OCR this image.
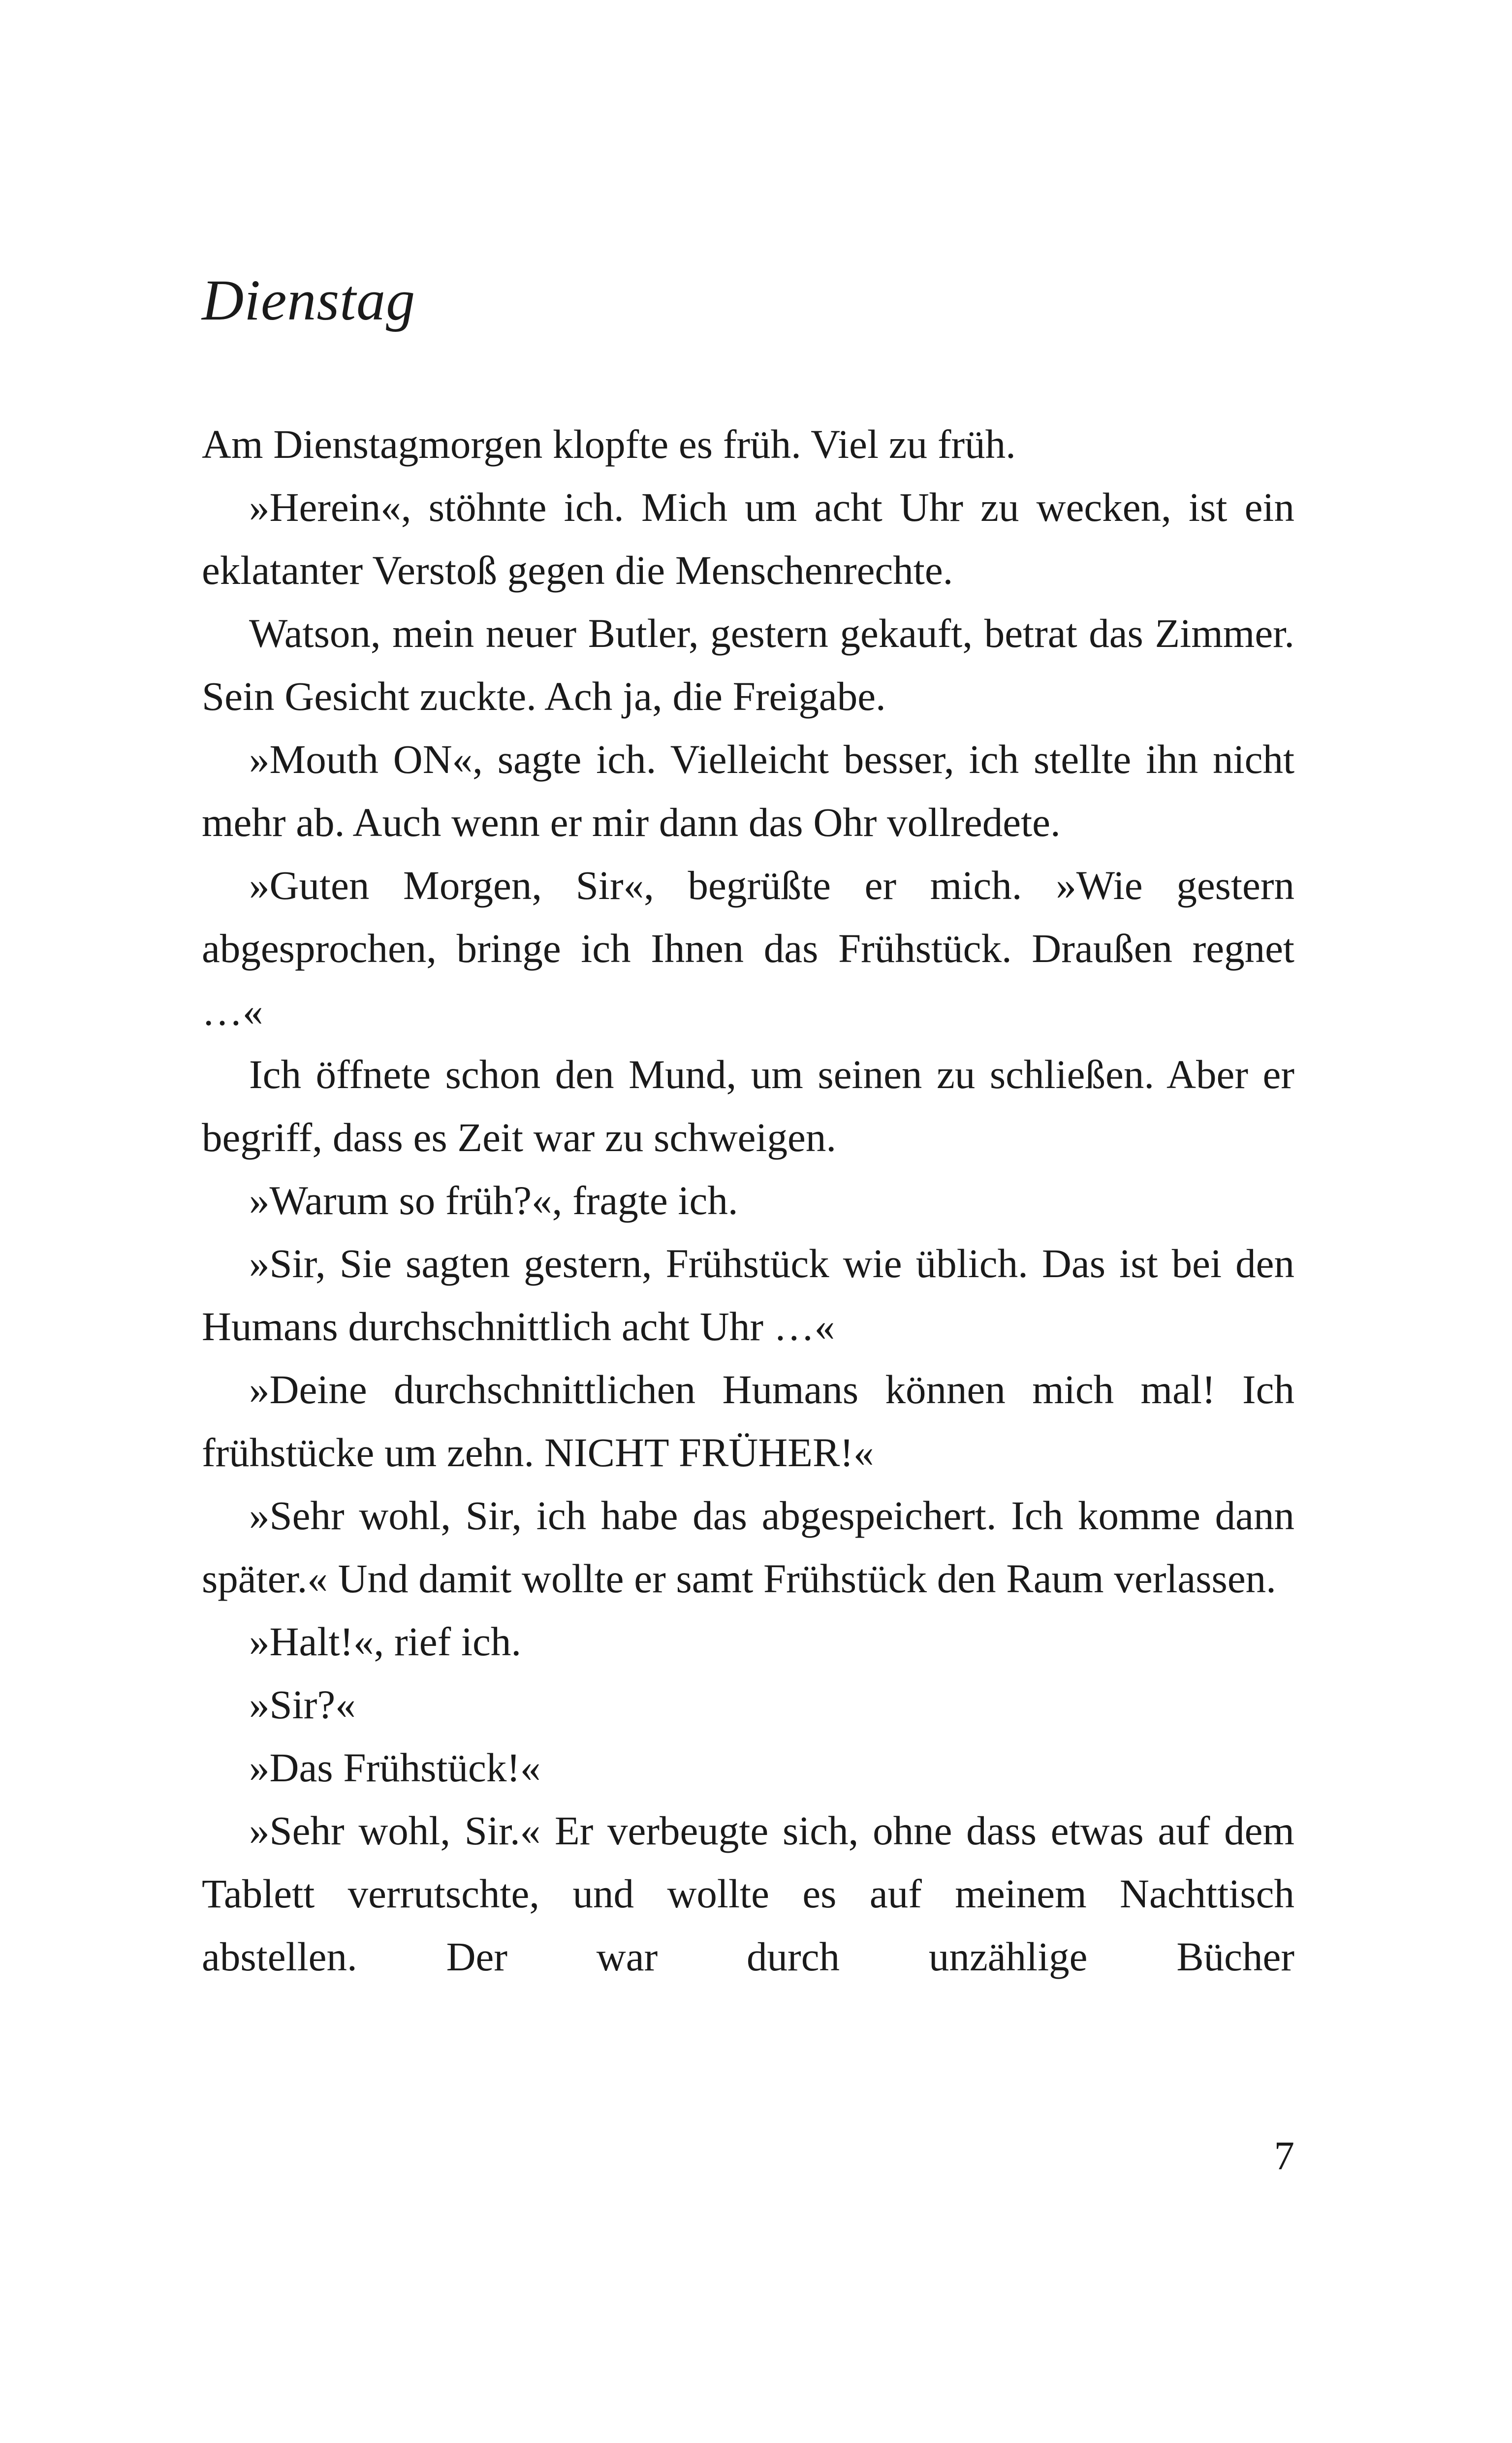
Dienstag

Am Dienstagmorgen klopfte es früh. Viel zu früh.

»Herein«, stöhnte ich. Mich um acht Uhr zu wecken, ist ein eklatanter Verstoß gegen die Menschenrechte.

Watson, mein neuer Butler, gestern gekauft, betrat das Zimmer. Sein Gesicht zuckte. Ach ja, die Freigabe.

»Mouth ON«, sagte ich. Vielleicht besser, ich stellte ihn nicht mehr ab. Auch wenn er mir dann das Ohr vollredete.

»Guten Morgen, Sir«, begrüßte er mich. »Wie gestern abgesprochen, bringe ich Ihnen das Frühstück. Draußen regnet …«

Ich öffnete schon den Mund, um seinen zu schließen. Aber er begriff, dass es Zeit war zu schweigen.

»Warum so früh?«, fragte ich.

»Sir, Sie sagten gestern, Frühstück wie üblich. Das ist bei den Humans durchschnittlich acht Uhr …«

»Deine durchschnittlichen Humans können mich mal! Ich frühstücke um zehn. NICHT FRÜHER!«

»Sehr wohl, Sir, ich habe das abgespeichert. Ich komme dann später.« Und damit wollte er samt Frühstück den Raum verlassen.

»Halt!«, rief ich.

»Sir?«

»Das Frühstück!«

»Sehr wohl, Sir.« Er verbeugte sich, ohne dass etwas auf dem Tablett verrutschte, und wollte es auf meinem Nachttisch abstellen. Der war durch unzählige Bücher

7
